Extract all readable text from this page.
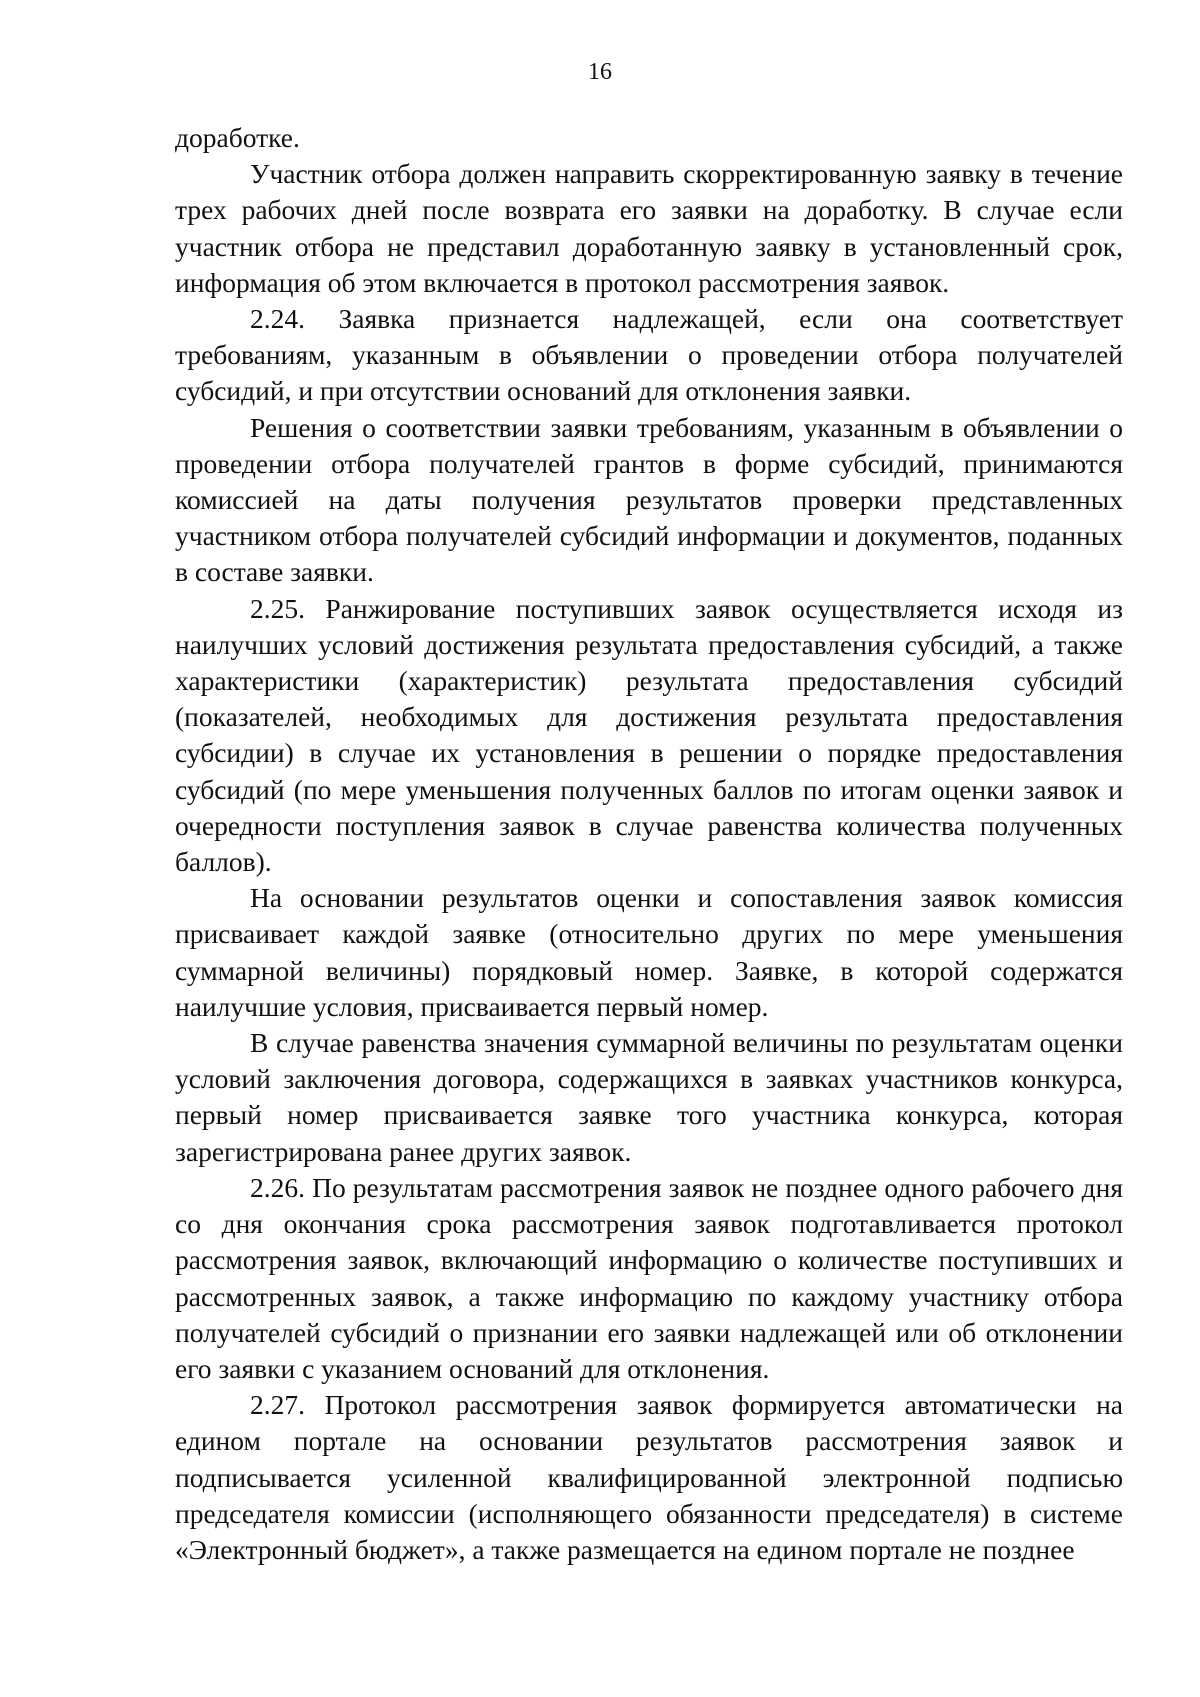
16

доработке.

Участник отбора должен направить скорректированную заявку в течение трех рабочих дней после возврата его заявки на доработку. В случае если участник отбора не представил доработанную заявку в установленный срок, информация об этом включается в протокол рассмотрения заявок.

2.24. Заявка признается надлежащей, если она соответствует требованиям, указанным в объявлении о проведении отбора получателей субсидий, и при отсутствии оснований для отклонения заявки.

Решения о соответствии заявки требованиям, указанным в объявлении о проведении отбора получателей грантов в форме субсидий, принимаются комиссией на даты получения результатов проверки представленных участником отбора получателей субсидий информации и документов, поданных в составе заявки.

2.25. Ранжирование поступивших заявок осуществляется исходя из наилучших условий достижения результата предоставления субсидий, а также характеристики (характеристик) результата предоставления субсидий (показателей, необходимых для достижения результата предоставления субсидии) в случае их установления в решении о порядке предоставления субсидий (по мере уменьшения полученных баллов по итогам оценки заявок и очередности поступления заявок в случае равенства количества полученных баллов).

На основании результатов оценки и сопоставления заявок комиссия присваивает каждой заявке (относительно других по мере уменьшения суммарной величины) порядковый номер. Заявке, в которой содержатся наилучшие условия, присваивается первый номер.

В случае равенства значения суммарной величины по результатам оценки условий заключения договора, содержащихся в заявках участников конкурса, первый номер присваивается заявке того участника конкурса, которая зарегистрирована ранее других заявок.

2.26. По результатам рассмотрения заявок не позднее одного рабочего дня со дня окончания срока рассмотрения заявок подготавливается протокол рассмотрения заявок, включающий информацию о количестве поступивших и рассмотренных заявок, а также информацию по каждому участнику отбора получателей субсидий о признании его заявки надлежащей или об отклонении его заявки с указанием оснований для отклонения.

2.27. Протокол рассмотрения заявок формируется автоматически на едином портале на основании результатов рассмотрения заявок и подписывается усиленной квалифицированной электронной подписью председателя комиссии (исполняющего обязанности председателя) в системе «Электронный бюджет», а также размещается на едином портале не позднее
